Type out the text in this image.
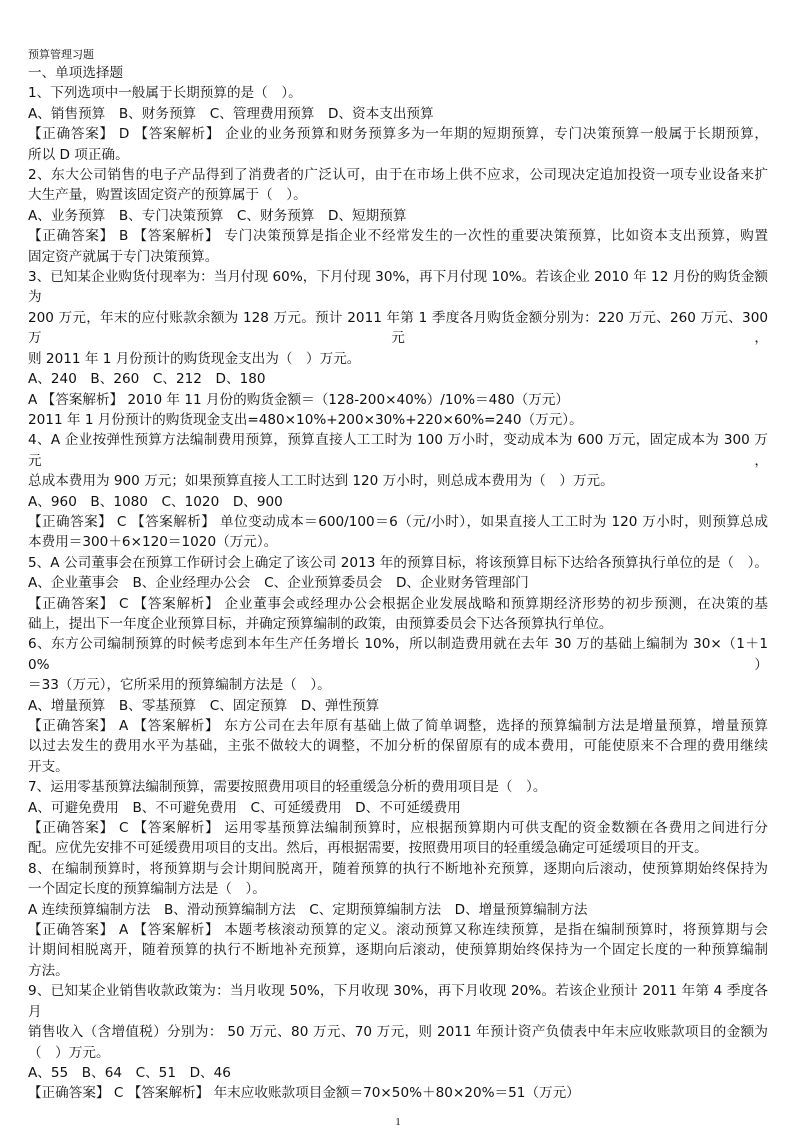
预算管理习题
一、单项选择题
1、下列选项中一般属于长期预算的是（　）。
A、销售预算　B、财务预算　C、管理费用预算　D、资本支出预算
【正确答案】 D 【答案解析】 企业的业务预算和财务预算多为一年期的短期预算，专门决策预算一般属于长期预算，
所以 D 项正确。
2、东大公司销售的电子产品得到了消费者的广泛认可，由于在市场上供不应求，公司现决定追加投资一项专业设备来扩
大生产量，购置该固定资产的预算属于（　）。
A、业务预算　B、专门决策预算　C、财务预算　D、短期预算
【正确答案】 B 【答案解析】 专门决策预算是指企业不经常发生的一次性的重要决策预算，比如资本支出预算，购置
固定资产就属于专门决策预算。
3、已知某企业购货付现率为：当月付现 60%，下月付现 30%，再下月付现 10%。若该企业 2010 年 12 月份的购货金额为
200 万元，年末的应付账款余额为 128 万元。预计 2011 年第 1 季度各月购货金额分别为：220 万元、260 万元、300 万元，
则 2011 年 1 月份预计的购货现金支出为（　）万元。
A、240　B、260　C、212　D、180
A 【答案解析】 2010 年 11 月份的购货金额＝（128-200×40%）/10%＝480（万元）
2011 年 1 月份预计的购货现金支出=480×10%+200×30%+220×60%=240（万元）。
4、A 企业按弹性预算方法编制费用预算，预算直接人工工时为 100 万小时，变动成本为 600 万元，固定成本为 300 万元，
总成本费用为 900 万元；如果预算直接人工工时达到 120 万小时，则总成本费用为（　）万元。
A、960　B、1080　C、1020　D、900
【正确答案】 C 【答案解析】 单位变动成本＝600/100＝6（元/小时），如果直接人工工时为 120 万小时，则预算总成
本费用＝300＋6×120＝1020（万元）。
5、A 公司董事会在预算工作研讨会上确定了该公司 2013 年的预算目标，将该预算目标下达给各预算执行单位的是（　）。
A、企业董事会　B、企业经理办公会　C、企业预算委员会　D、企业财务管理部门
【正确答案】 C 【答案解析】 企业董事会或经理办公会根据企业发展战略和预算期经济形势的初步预测，在决策的基
础上，提出下一年度企业预算目标，并确定预算编制的政策，由预算委员会下达各预算执行单位。
6、东方公司编制预算的时候考虑到本年生产任务增长 10%，所以制造费用就在去年 30 万的基础上编制为 30×（1＋10%）
＝33（万元），它所采用的预算编制方法是（　）。
A、增量预算　B、零基预算　C、固定预算　D、弹性预算
【正确答案】 A 【答案解析】 东方公司在去年原有基础上做了简单调整，选择的预算编制方法是增量预算，增量预算
以过去发生的费用水平为基础，主张不做较大的调整，不加分析的保留原有的成本费用，可能使原来不合理的费用继续
开支。
7、运用零基预算法编制预算，需要按照费用项目的轻重缓急分析的费用项目是（　）。
A、可避免费用　B、不可避免费用　C、可延缓费用　D、不可延缓费用
【正确答案】 C 【答案解析】 运用零基预算法编制预算时，应根据预算期内可供支配的资金数额在各费用之间进行分
配。应优先安排不可延缓费用项目的支出。然后，再根据需要，按照费用项目的轻重缓急确定可延缓项目的开支。
8、在编制预算时，将预算期与会计期间脱离开，随着预算的执行不断地补充预算，逐期向后滚动，使预算期始终保持为
一个固定长度的预算编制方法是（　）。
A 连续预算编制方法　B、滑动预算编制方法　C、定期预算编制方法　D、增量预算编制方法
【正确答案】 A 【答案解析】 本题考核滚动预算的定义。滚动预算又称连续预算，是指在编制预算时，将预算期与会
计期间相脱离开，随着预算的执行不断地补充预算，逐期向后滚动，使预算期始终保持为一个固定长度的一种预算编制
方法。
9、已知某企业销售收款政策为：当月收现 50%，下月收现 30%，再下月收现 20%。若该企业预计 2011 年第 4 季度各月
销售收入（含增值税）分别为： 50 万元、80 万元、70 万元，则 2011 年预计资产负债表中年末应收账款项目的金额为
（　）万元。
A、55　B、64　C、51　D、46
【正确答案】 C 【答案解析】 年末应收账款项目金额＝70×50%＋80×20%＝51（万元）
1
